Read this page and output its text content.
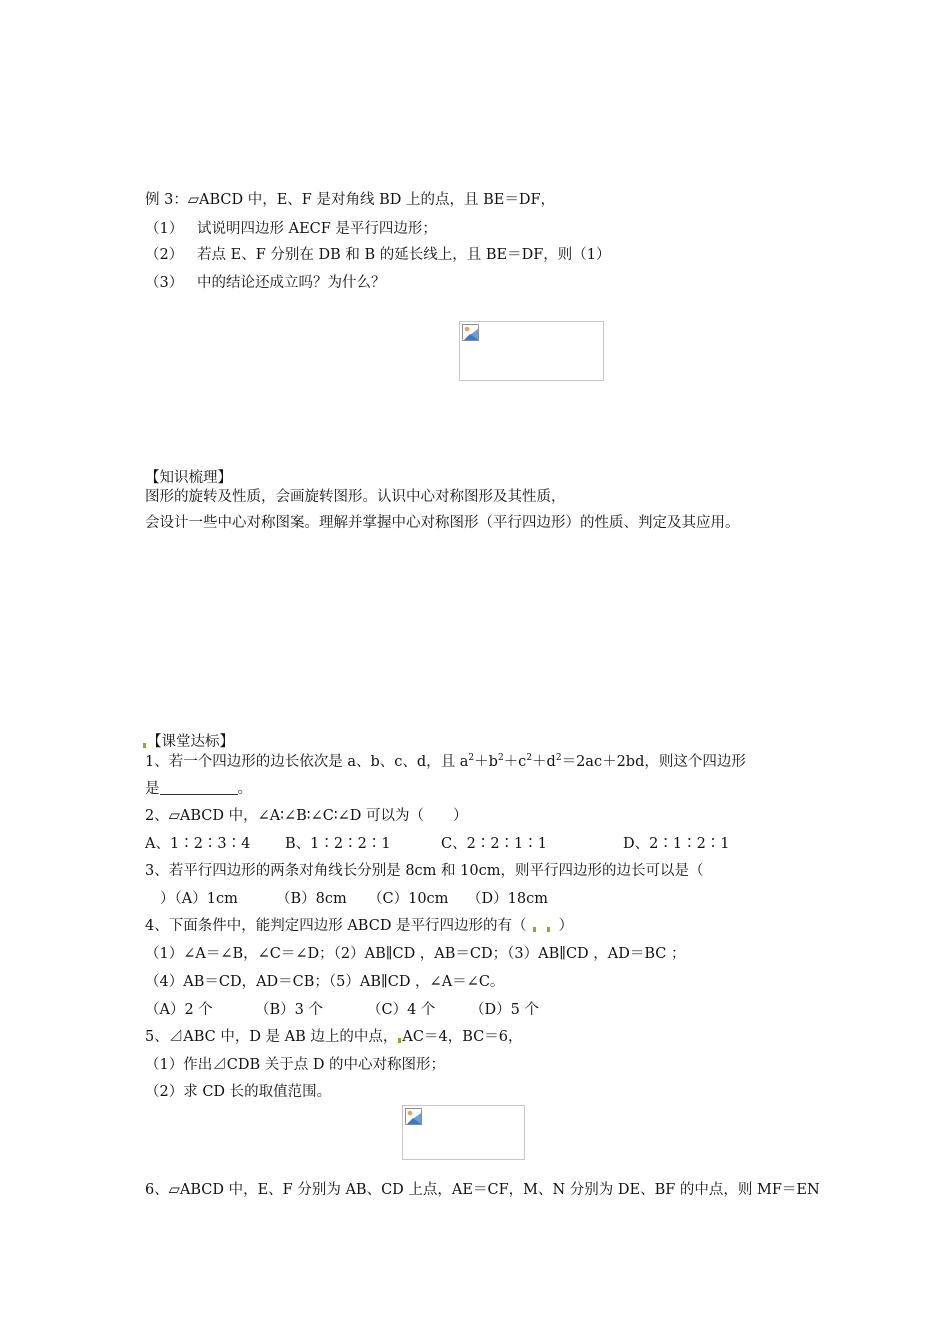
例 3：▱ABCD 中，E、F 是对角线 BD 上的点，且 BE＝DF，
（1） 试说明四边形 AECF 是平行四边形；
（2） 若点 E、F 分别在 DB 和 B 的延长线上，且 BE＝DF，则（1）
（3） 中的结论还成立吗？为什么？
【知识梳理】
图形的旋转及性质，会画旋转图形。认识中心对称图形及其性质，
会设计一些中心对称图案。理解并掌握中心对称图形（平行四边形）的性质、判定及其应用。
【课堂达标】
1、若一个四边形的边长依次是 a、b、c、d，且 $a^2+b^2+c^2+d^2=2ac+2bd$，则这个四边形
是	。
2、▱ABCD 中，∠A∶∠B∶∠C∶∠D 可以为（　　）
A、1∶2∶3∶4 B、1∶2∶2∶1	C、2∶2∶1∶1	D、2∶1∶2∶1
3、若平行四边形的两条对角线长分别是 8cm 和 10cm，则平行四边形的边长可以是（
）（A）1cm	（B）8cm （C）10cm （D）18cm
4、下面条件中，能判定四边形 ABCD 是平行四边形的有（ ）
（1）∠A＝∠B，∠C＝∠D；（2）AB∥CD ，AB＝CD；（3）AB∥CD ，AD＝BC ；
（4）AB＝CD，AD＝CB；（5）AB∥CD ，∠A＝∠C。
（A）2 个	（B）3 个	（C）4 个 （D）5 个
5、⊿ABC 中，D 是 AB 边上的中点， AC＝4，BC＝6，
（1）作出⊿CDB 关于点 D 的中心对称图形；
（2）求 CD 长的取值范围。
6、▱ABCD 中，E、F 分别为 AB、CD 上点，AE＝CF，M、N 分别为 DE、BF 的中点，则 MF＝EN
